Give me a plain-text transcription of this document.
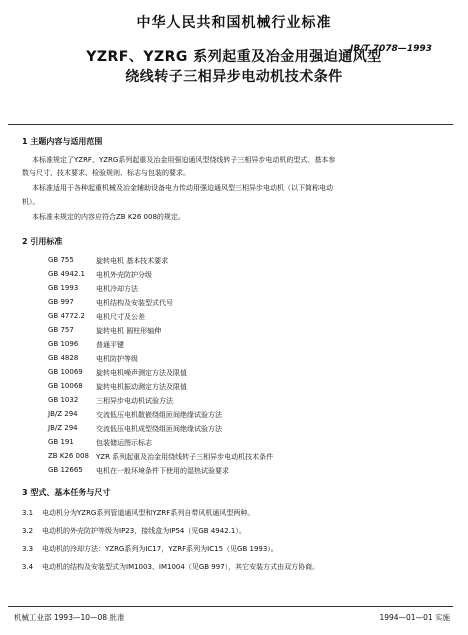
中华人民共和国机械行业标准
JB/T 7078—1993
YZRF、YZRG 系列起重及冶金用强迫通风型
绕线转子三相异步电动机技术条件
1 主题内容与适用范围
本标准规定了YZRF、YZRG系列起重及冶金用强迫通风型绕线转子三相异步电动机的型式、基本参
数与尺寸、技术要求、检验规则、标志与包装的要求。
本标准适用于各种起重机械及冶金辅助设备电力传动用强迫通风型三相异步电动机（以下简称电动
机）。
本标准未规定的内容应符合ZB K26 008的规定。
2 引用标准
GB 755	旋转电机 基本技术要求
GB 4942.1 电机外壳防护分级
GB 1993	电机冷却方法
GB 997	电机结构及安装型式代号
GB 4772.2 电机尺寸及公差
GB 757	旋转电机 圆柱形轴伸
GB 1096	普通平键
GB 4828	电机防护等级
GB 10069 旋转电机噪声测定方法及限值
GB 10068 旋转电机振动测定方法及限值
GB 1032	三相异步电动机试验方法
JB/Z 294	交流低压电机散嵌绕组匝间绝缘试验方法
JB/Z 294	交流低压电机成型绕组匝间绝缘试验方法
GB 191	包装储运图示标志
ZB K26 008 YZR 系列起重及冶金用绕线转子三相异步电动机技术条件
GB 12665 电机在一般环境条件下使用的湿热试验要求
3 型式、基本任务与尺寸
3.1 电动机分为YZRG系列管道通风型和YZRF系列自带风机通风型两种。
3.2 电动机的外壳防护等级为IP23，接线盒为IP54（见GB 4942.1）。
3.3 电动机的冷却方法：YZRG系列为IC17，YZRF系列为IC15（见GB 1993）。
3.4 电动机的结构及安装型式为IM1003、IM1004（见GB 997），其它安装方式由双方协商。
机械工业部 1993—10—08 批准	1994—01—01 实施
